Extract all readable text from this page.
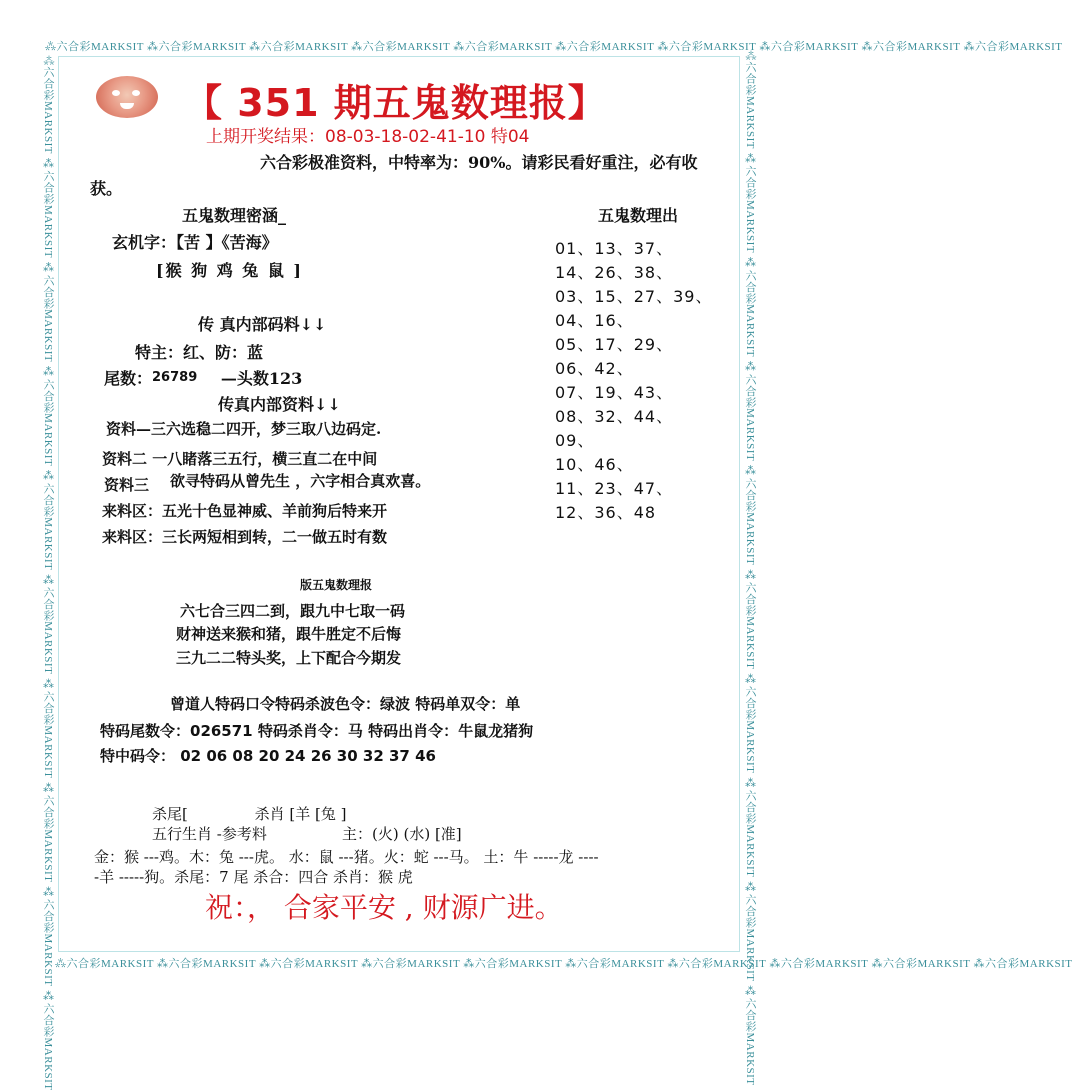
⁂六合彩MARKSIT ⁂六合彩MARKSIT ⁂六合彩MARKSIT ⁂六合彩MARKSIT ⁂六合彩MARKSIT ⁂六合彩MARKSIT ⁂六合彩MARKSIT ⁂六合彩MARKSIT ⁂六合彩MARKSIT ⁂六合彩MARKSIT
⁂六合彩MARKSIT ⁂六合彩MARKSIT ⁂六合彩MARKSIT ⁂六合彩MARKSIT ⁂六合彩MARKSIT ⁂六合彩MARKSIT ⁂六合彩MARKSIT ⁂六合彩MARKSIT ⁂六合彩MARKSIT ⁂六合彩MARKSIT
⁂六合彩MARKSIT ⁂六合彩MARKSIT ⁂六合彩MARKSIT ⁂六合彩MARKSIT ⁂六合彩MARKSIT ⁂六合彩MARKSIT ⁂六合彩MARKSIT ⁂六合彩MARKSIT ⁂六合彩MARKSIT ⁂六合彩MARKSIT	⁂六合彩MARKSIT ⁂六合彩MARKSIT ⁂六合彩MARKSIT ⁂六合彩MARKSIT ⁂六合彩MARKSIT ⁂六合彩MARKSIT ⁂六合彩MARKSIT ⁂六合彩MARKSIT ⁂六合彩MARKSIT ⁂六合彩MARKSIT
【 351 期五鬼数理报】
上期开奖结果：08-03-18-02-41-10 特04
六合彩极准资料，中特率为：90%。请彩民看好重注，必有收
获。
五鬼数理密涵_
玄机字：【苦 】《苦海》
[猴 狗 鸡 兔 鼠 ]
传 真内部码料↓↓
特主：红、防：蓝
尾数：26789 —头数123
传真内部资料↓↓
资料—三六选稳二四开，梦三取八边码定.
资料二 一八睹落三五行，横三直二在中间
资料三 欲寻特码从曾先生 ，六字相合真欢喜。
来料区：五光十色显神威、羊前狗后特来开
来料区：三长两短相到转，二一做五时有数
五鬼数理出
01、13、37、
14、26、38、
03、15、27、39、
04、16、
05、17、29、
06、42、
07、19、43、
08、32、44、
09、
10、46、
11、23、47、
12、36、48
版五鬼数理报
六七合三四二到，跟九中七取一码
财神送来猴和猪，跟牛胜定不后悔
三九二二特头奖，上下配合今期发
曾道人特码口令特码杀波色令：绿波 特码单双令：单
特码尾数令：026571 特码杀肖令：马 特码出肖令：牛鼠龙猪狗
特中码令： 02 06 08 20 24 26 30 32 37 46
杀尾[	杀肖 [羊 [兔 ]
五行生肖 -参考料	主：(火) (水) [准]
金：猴 ---鸡。木：兔 ---虎。 水：鼠 ---猪。火：蛇 ---马。 土：牛 -----龙 ----
-羊 -----狗。杀尾：7 尾 杀合：四合 杀肖：猴 虎
祝：， 合家平安 , 财源广进。
